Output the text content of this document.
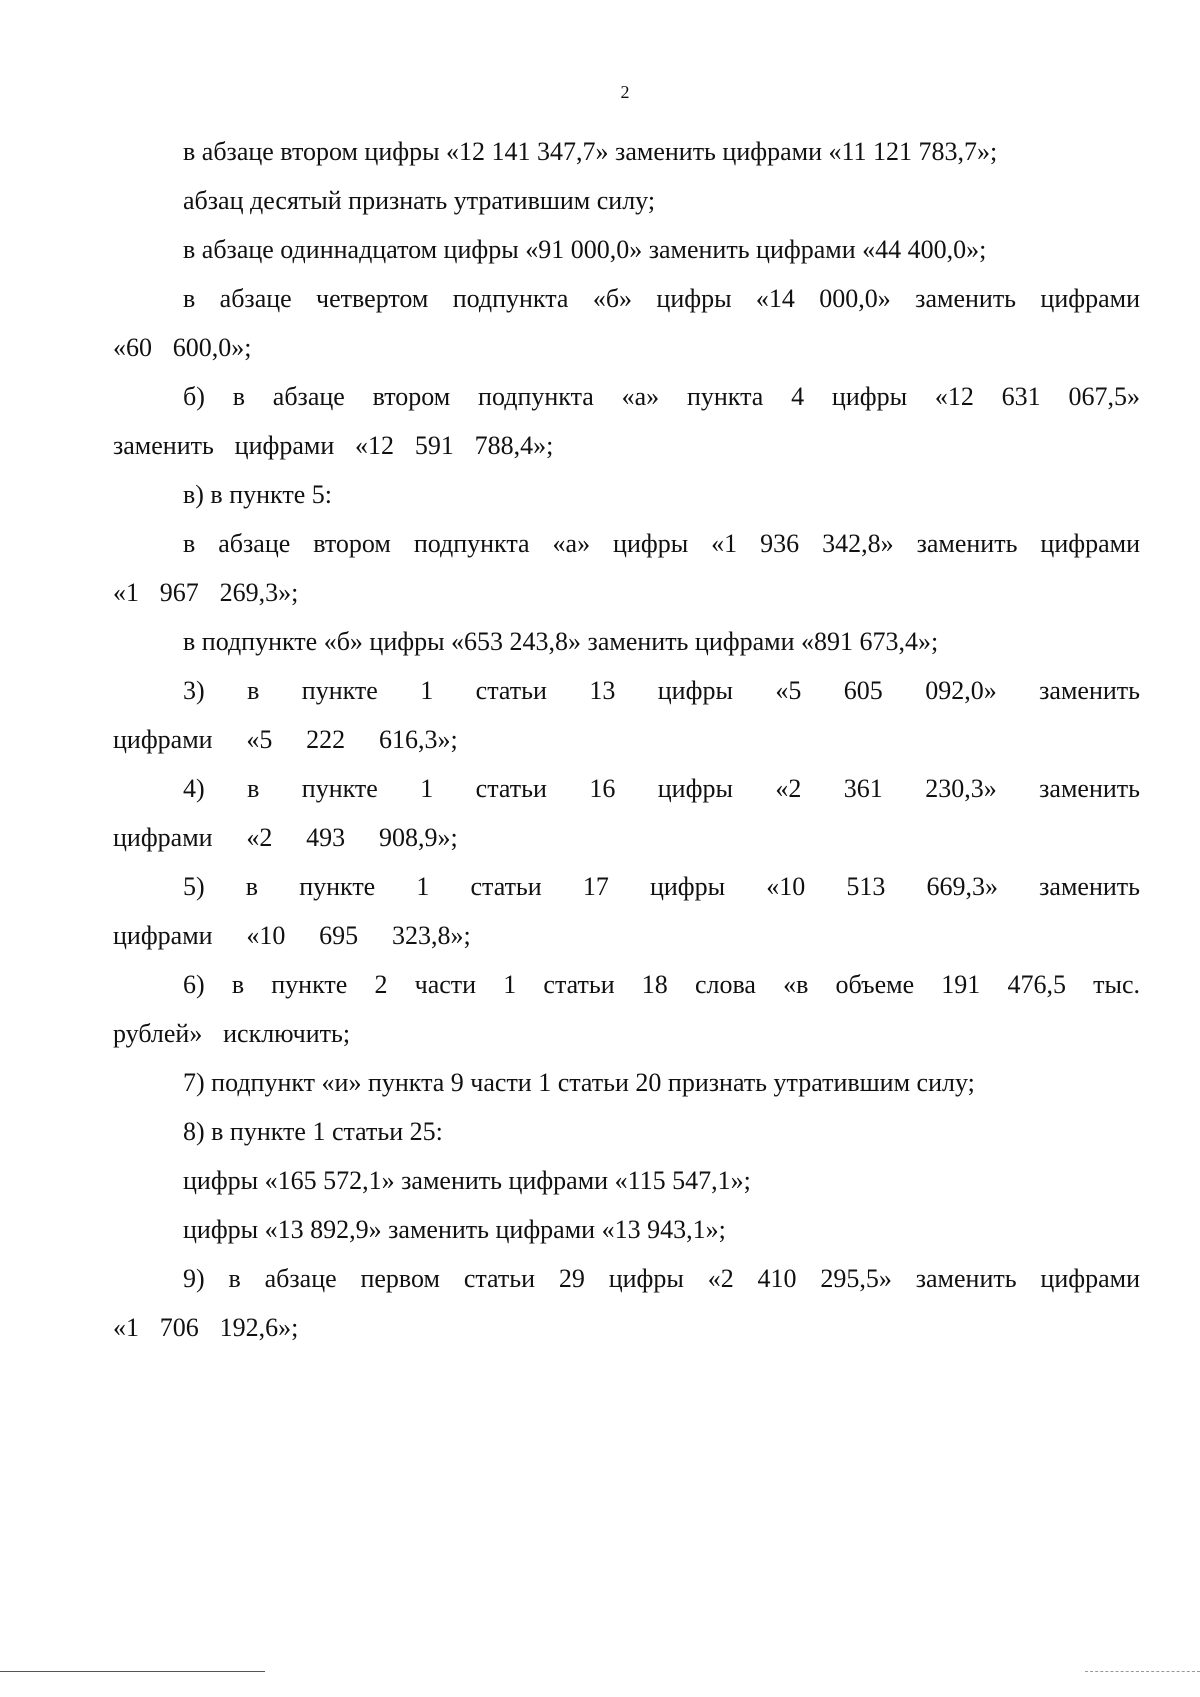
2

в абзаце втором цифры «12 141 347,7» заменить цифрами «11 121 783,7»;

абзац десятый признать утратившим силу;

в абзаце одиннадцатом цифры «91 000,0» заменить цифрами «44 400,0»;

в абзаце четвертом подпункта «б» цифры «14 000,0» заменить цифрами «60 600,0»;

б) в абзаце втором подпункта «а» пункта 4 цифры «12 631 067,5» заменить цифрами «12 591 788,4»;

в) в пункте 5:

в абзаце втором подпункта «а» цифры «1 936 342,8» заменить цифрами «1 967 269,3»;

в подпункте «б» цифры «653 243,8» заменить цифрами «891 673,4»;

3) в пункте 1 статьи 13 цифры «5 605 092,0» заменить цифрами «5 222 616,3»;

4) в пункте 1 статьи 16 цифры «2 361 230,3» заменить цифрами «2 493 908,9»;

5) в пункте 1 статьи 17 цифры «10 513 669,3» заменить цифрами «10 695 323,8»;

6) в пункте 2 части 1 статьи 18 слова «в объеме 191 476,5 тыс. рублей» исключить;

7) подпункт «и» пункта 9 части 1 статьи 20 признать утратившим силу;

8) в пункте 1 статьи 25:

цифры «165 572,1» заменить цифрами «115 547,1»;

цифры «13 892,9» заменить цифрами «13 943,1»;

9) в абзаце первом статьи 29 цифры «2 410 295,5» заменить цифрами «1 706 192,6»;
